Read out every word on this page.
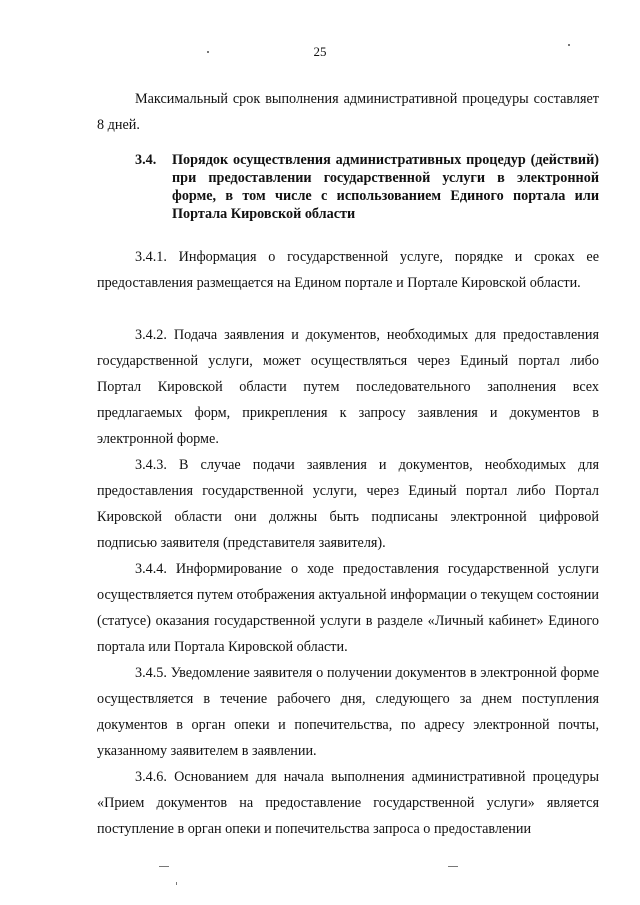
25
Максимальный срок выполнения административной процедуры составляет 8 дней.
3.4. Порядок осуществления административных процедур (действий) при предоставлении государственной услуги в электронной форме, в том числе с использованием Единого портала или Портала Кировской области
3.4.1. Информация о государственной услуге, порядке и сроках ее предоставления размещается на Едином портале и Портале Кировской области.
3.4.2. Подача заявления и документов, необходимых для предоставления государственной услуги, может осуществляться через Единый портал либо Портал Кировской области путем последовательного заполнения всех предлагаемых форм, прикрепления к запросу заявления и документов в электронной форме.
3.4.3. В случае подачи заявления и документов, необходимых для предоставления государственной услуги, через Единый портал либо Портал Кировской области они должны быть подписаны электронной цифровой подписью заявителя (представителя заявителя).
3.4.4. Информирование о ходе предоставления государственной услуги осуществляется путем отображения актуальной информации о текущем состоянии (статусе) оказания государственной услуги в разделе «Личный кабинет» Единого портала или Портала Кировской области.
3.4.5. Уведомление заявителя о получении документов в электронной форме осуществляется в течение рабочего дня, следующего за днем поступления документов в орган опеки и попечительства, по адресу электронной почты, указанному заявителем в заявлении.
3.4.6. Основанием для начала выполнения административной процедуры «Прием документов на предоставление государственной услуги» является поступление в орган опеки и попечительства запроса о предоставлении
